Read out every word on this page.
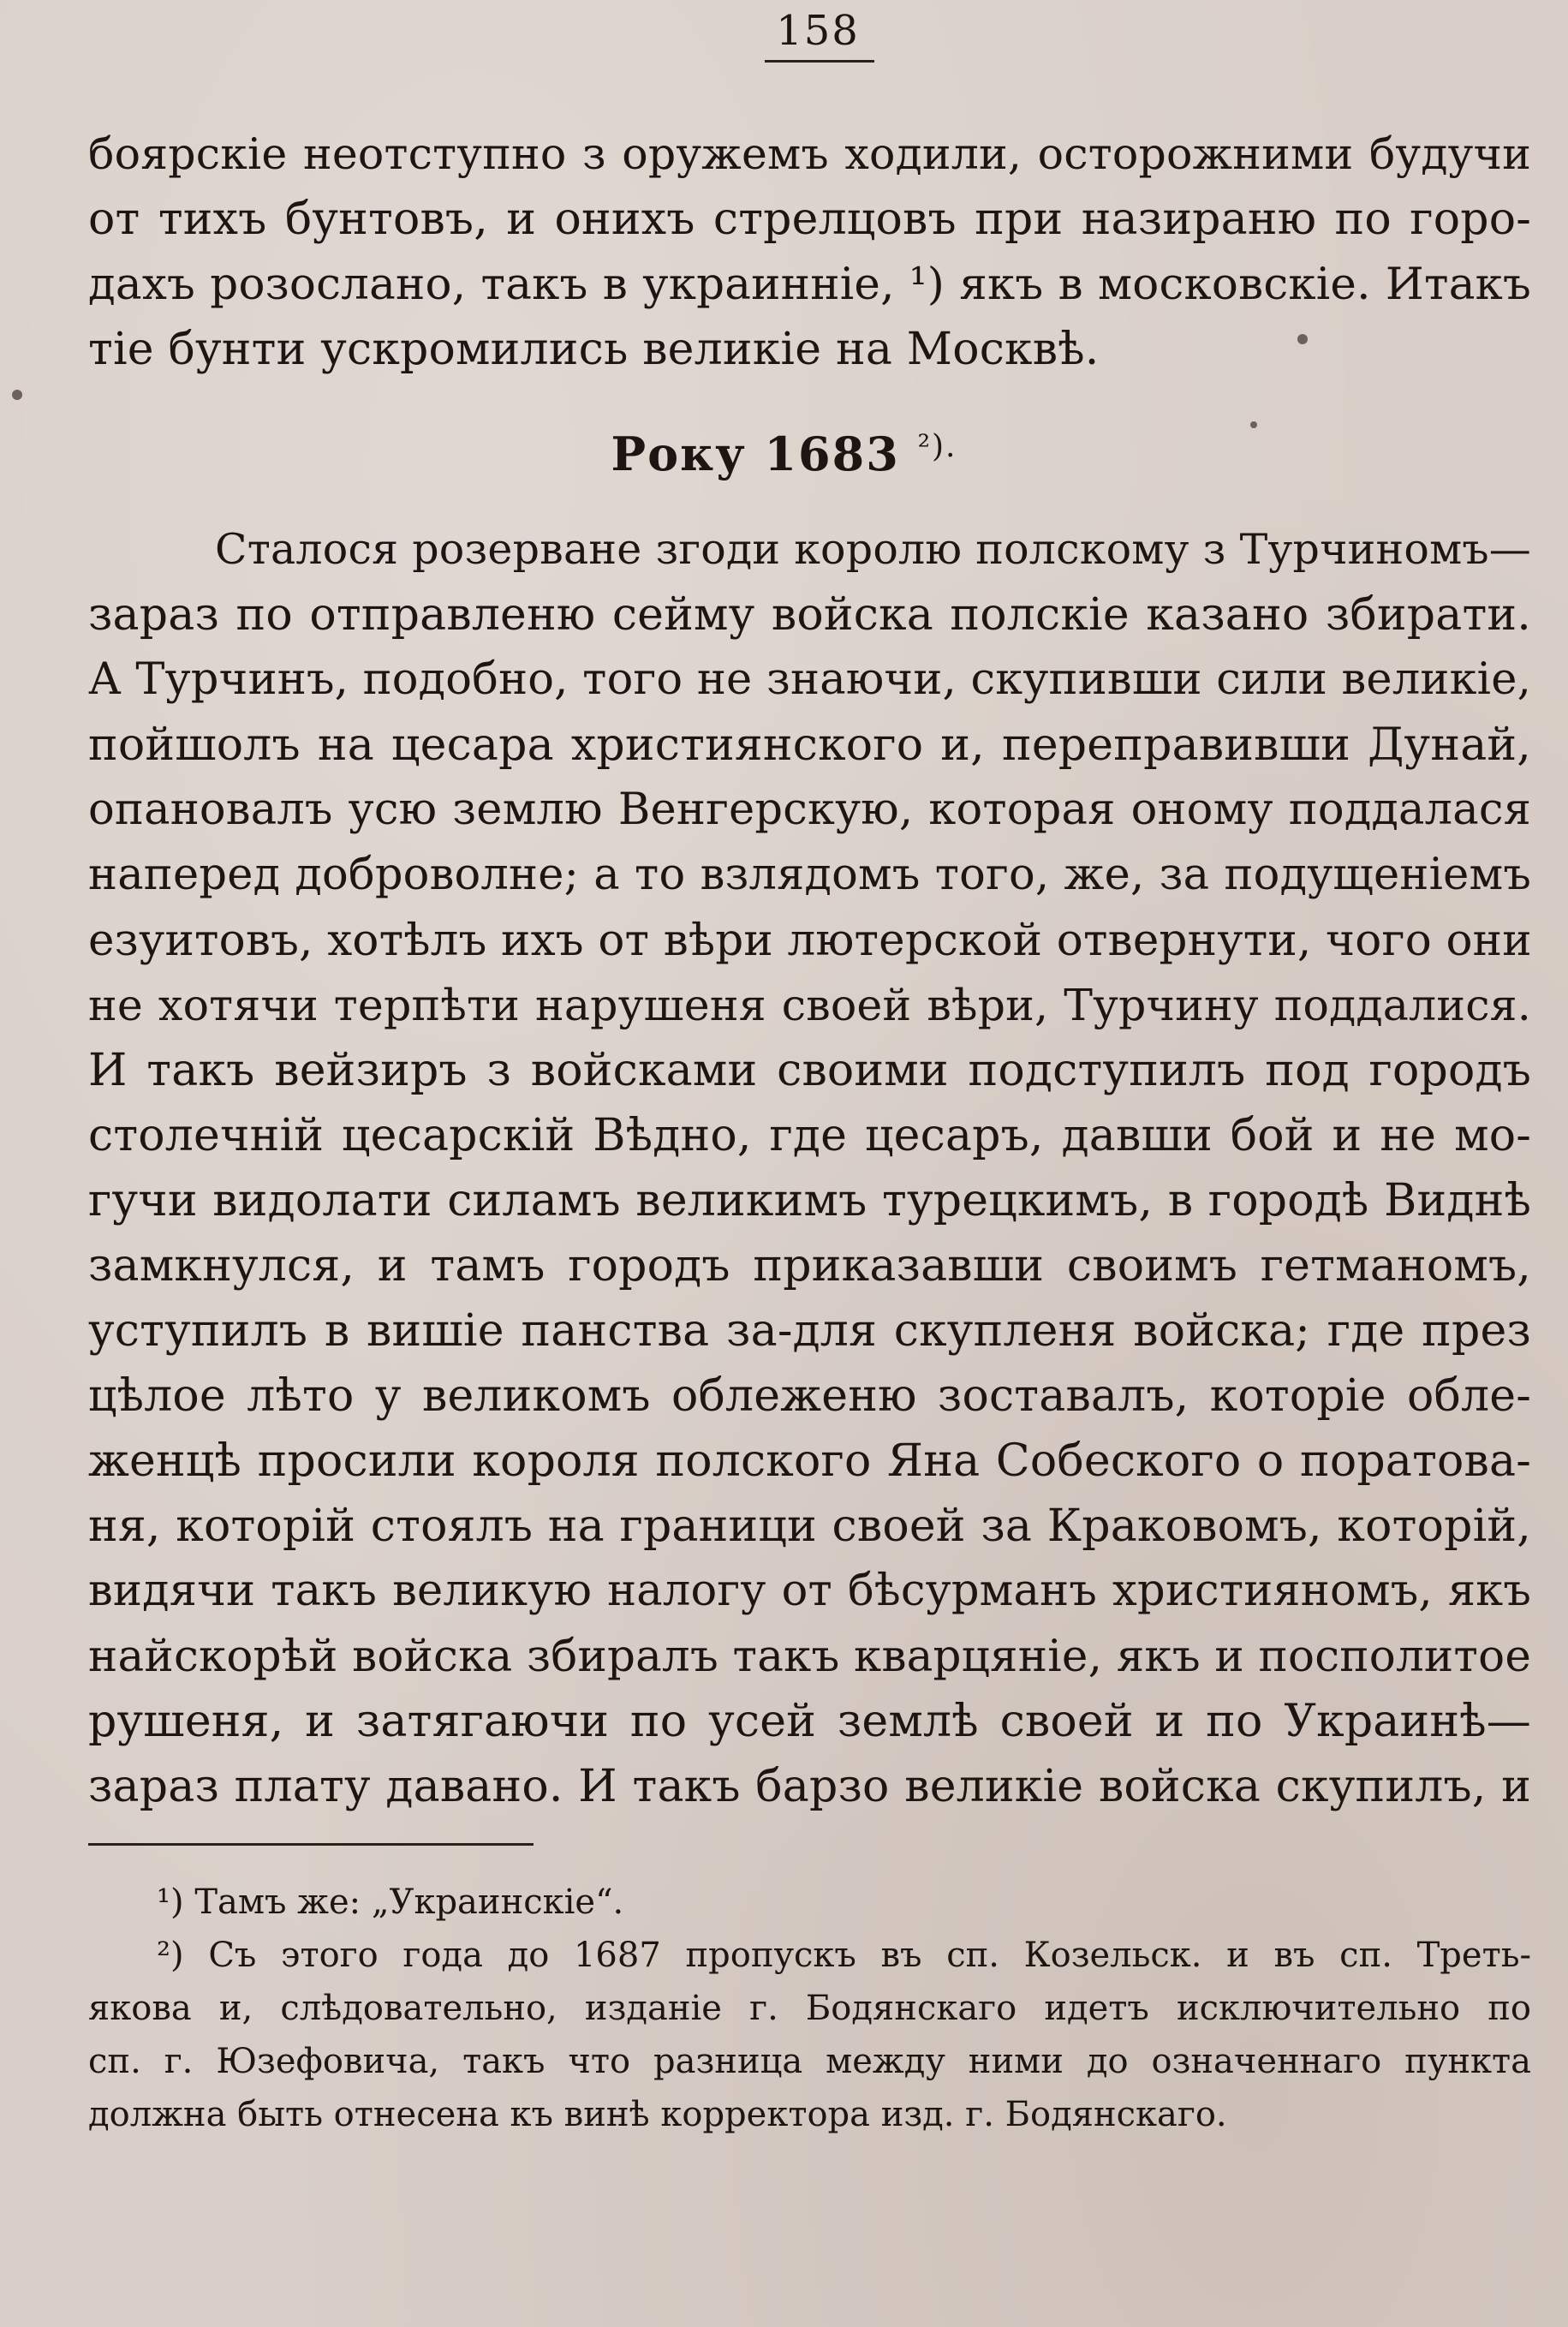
158
боярскіе неотступно з оружемъ ходили, осторожними будучи
от тихъ бунтовъ, и онихъ стрелцовъ при назираню по горо-
дахъ розослано, такъ в украинніе, ¹) якъ в московскіе. Итакъ
тіе бунти ускромились великіе на Москвѣ.
Року 1683 $^{^2).}$
Сталося розерване згоди королю полскому з Турчиномъ—
зараз по отправленю сейму войска полскіе казано збирати.
А Турчинъ, подобно, того не знаючи, скупивши сили великіе,
пойшолъ на цесара християнского и, переправивши Дунай,
опановалъ усю землю Венгерскую, которая оному поддалася
наперед доброволне; а то взлядомъ того, же, за подущеніемъ
езуитовъ, хотѣлъ ихъ от вѣри лютерской отвернути, чого они
не хотячи терпѣти нарушеня своей вѣри, Турчину поддалися.
И такъ вейзиръ з войсками своими подступилъ под городъ
столечній цесарскій Вѣдно, где цесаръ, давши бой и не мо-
гучи видолати силамъ великимъ турецкимъ, в городѣ Виднѣ
замкнулся, и тамъ городъ приказавши своимъ гетманомъ,
уступилъ в вишіе панства за-для скупленя войска; где през
цѣлое лѣто у великомъ облеженю зоставалъ, которіе обле-
женцѣ просили короля полского Яна Собеского о поратова-
ня, которій стоялъ на граници своей за Краковомъ, которій,
видячи такъ великую налогу от бѣсурманъ християномъ, якъ
найскорѣй войска збиралъ такъ кварцяніе, якъ и посполитое
рушеня, и затягаючи по усей землѣ своей и по Украинѣ—
зараз плату давано. И такъ барзо великіе войска скупилъ, и
¹) Тамъ же: „Украинскіе“.
²) Съ этого года до 1687 пропускъ въ сп. Козельск. и въ сп. Треть-
якова и, слѣдовательно, изданіе г. Бодянскаго идетъ исключительно по
сп. г. Юзефовича, такъ что разница между ними до означеннаго пункта
должна быть отнесена къ винѣ корректора изд. г. Бодянскаго.
